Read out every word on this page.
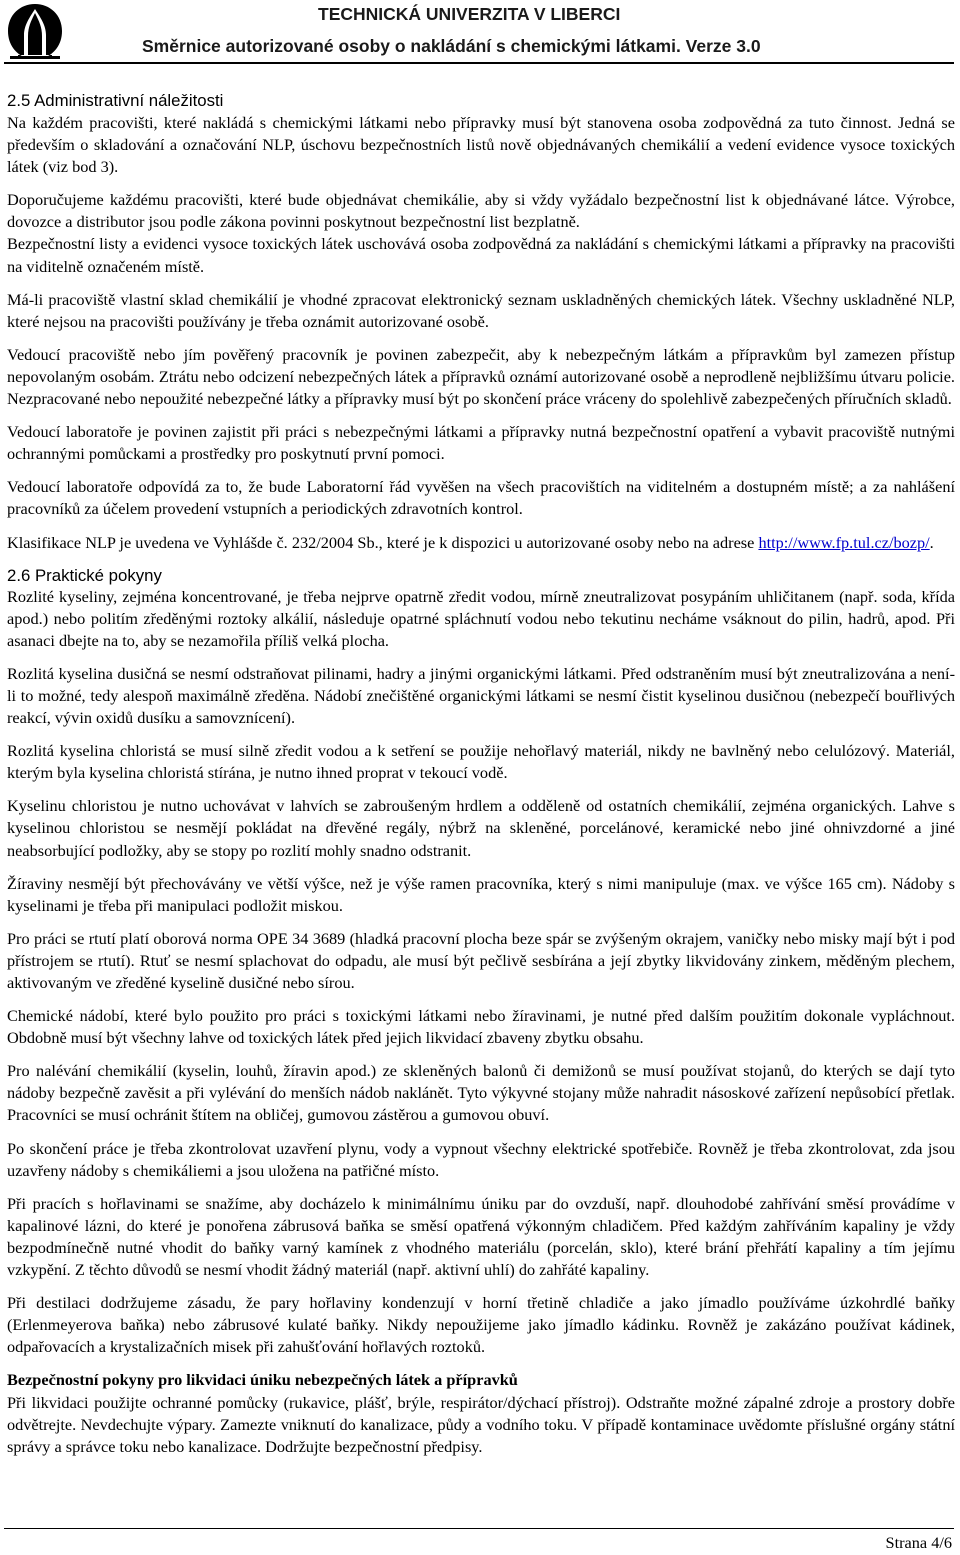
TECHNICKÁ UNIVERZITA V LIBERCI
Směrnice autorizované osoby o nakládání s chemickými látkami. Verze 3.0
2.5 Administrativní náležitosti

Na každém pracovišti, které nakládá s chemickými látkami nebo přípravky musí být stanovena osoba zodpovědná za tuto činnost. Jedná se především o skladování a označování NLP, úschovu bezpečnostních listů nově objednávaných chemikálií a vedení evidence vysoce toxických látek (viz bod 3).

Doporučujeme každému pracovišti, které bude objednávat chemikálie, aby si vždy vyžádalo bezpečnostní list k objednávané látce. Výrobce, dovozce a distributor jsou podle zákona povinni poskytnout bezpečnostní list bezplatně.

Bezpečnostní listy a evidenci vysoce toxických látek uschovává osoba zodpovědná za nakládání s chemickými látkami a přípravky na pracovišti na viditelně označeném místě.

Má-li pracoviště vlastní sklad chemikálií je vhodné zpracovat elektronický seznam uskladněných chemických látek. Všechny uskladněné NLP, které nejsou na pracovišti používány je třeba oznámit autorizované osobě.

Vedoucí pracoviště nebo jím pověřený pracovník je povinen zabezpečit, aby k nebezpečným látkám a přípravkům byl zamezen přístup nepovolaným osobám. Ztrátu nebo odcizení nebezpečných látek a přípravků oznámí autorizované osobě a neprodleně nejbližšímu útvaru policie. Nezpracované nebo nepoužité nebezpečné látky a přípravky musí být po skončení práce vráceny do spolehlivě zabezpečených příručních skladů.

Vedoucí laboratoře je povinen zajistit při práci s nebezpečnými látkami a přípravky nutná bezpečnostní opatření a vybavit pracoviště nutnými ochrannými pomůckami a prostředky pro poskytnutí první pomoci.

Vedoucí laboratoře odpovídá za to, že bude Laboratorní řád vyvěšen na všech pracovištích na viditelném a dostupném místě; a za nahlášení pracovníků za účelem provedení vstupních a periodických zdravotních kontrol.

Klasifikace NLP je uvedena ve Vyhlášde č. 232/2004 Sb., které je k dispozici u autorizované osoby nebo na adrese http://www.fp.tul.cz/bozp/.

2.6 Praktické pokyny

Rozlité kyseliny, zejména koncentrované, je třeba nejprve opatrně zředit vodou, mírně zneutralizovat posypáním uhličitanem (např. soda, křída apod.) nebo politím zředěnými roztoky alkálií, následuje opatrné spláchnutí vodou nebo tekutinu necháme vsáknout do pilin, hadrů, apod. Při asanaci dbejte na to, aby se nezamořila příliš velká plocha.

Rozlitá kyselina dusičná se nesmí odstraňovat pilinami, hadry a jinými organickými látkami. Před odstraněním musí být zneutralizována a není-li to možné, tedy alespoň maximálně zředěna. Nádobí znečištěné organickými látkami se nesmí čistit kyselinou dusičnou (nebezpečí bouřlivých reakcí, vývin oxidů dusíku a samovznícení).

Rozlitá kyselina chloristá se musí silně zředit vodou a k setření se použije nehořlavý materiál, nikdy ne bavlněný nebo celulózový. Materiál, kterým byla kyselina chloristá stírána, je nutno ihned proprat v tekoucí vodě.

Kyselinu chloristou je nutno uchovávat v lahvích se zabroušeným hrdlem a odděleně od ostatních chemikálií, zejména organických. Lahve s kyselinou chloristou se nesmějí pokládat na dřevěné regály, nýbrž na skleněné, porcelánové, keramické nebo jiné ohnivzdorné a jiné neabsorbující podložky, aby se stopy po rozlití mohly snadno odstranit.

Žíraviny nesmějí být přechovávány ve větší výšce, než je výše ramen pracovníka, který s nimi manipuluje (max. ve výšce 165 cm). Nádoby s kyselinami je třeba při manipulaci podložit miskou.

Pro práci se rtutí platí oborová norma OPE 34 3689 (hladká pracovní plocha beze spár se zvýšeným okrajem, vaničky nebo misky mají být i pod přístrojem se rtutí). Rtuť se nesmí splachovat do odpadu, ale musí být pečlivě sesbírána a její zbytky likvidovány zinkem, měděným plechem, aktivovaným ve zředěné kyselině dusičné nebo sírou.

Chemické nádobí, které bylo použito pro práci s toxickými látkami nebo žíravinami, je nutné před dalším použitím dokonale vypláchnout. Obdobně musí být všechny lahve od toxických látek před jejich likvidací zbaveny zbytku obsahu.

Pro nalévání chemikálií (kyselin, louhů, žíravin apod.) ze skleněných balonů či demižonů se musí používat stojanů, do kterých se dají tyto nádoby bezpečně zavěsit a při vylévání do menších nádob naklánět. Tyto výkyvné stojany může nahradit násoskové zařízení nepůsobící přetlak. Pracovníci se musí ochránit štítem na obličej, gumovou zástěrou a gumovou obuví.

Po skončení práce je třeba zkontrolovat uzavření plynu, vody a vypnout všechny elektrické spotřebiče. Rovněž je třeba zkontrolovat, zda jsou uzavřeny nádoby s chemikáliemi a jsou uložena na patřičné místo.

Při pracích s hořlavinami se snažíme, aby docházelo k minimálnímu úniku par do ovzduší, např. dlouhodobé zahřívání směsí provádíme v kapalinové lázni, do které je ponořena zábrusová baňka se směsí opatřená výkonným chladičem. Před každým zahříváním kapaliny je vždy bezpodmínečně nutné vhodit do baňky varný kamínek z vhodného materiálu (porcelán, sklo), které brání přehřátí kapaliny a tím jejímu vzkypění. Z těchto důvodů se nesmí vhodit žádný materiál (např. aktivní uhlí) do zahřáté kapaliny.

Při destilaci dodržujeme zásadu, že pary hořlaviny kondenzují v horní třetině chladiče a jako jímadlo používáme úzkohrdlé baňky (Erlenmeyerova baňka) nebo zábrusové kulaté baňky. Nikdy nepoužijeme jako jímadlo kádinku. Rovněž je zakázáno používat kádinek, odpařovacích a krystalizačních misek při zahušťování hořlavých roztoků.

Bezpečnostní pokyny pro likvidaci úniku nebezpečných látek a přípravků

Při likvidaci použijte ochranné pomůcky (rukavice, plášť, brýle, respirátor/dýchací přístroj). Odstraňte možné zápalné zdroje a prostory dobře odvětrejte. Nevdechujte výpary. Zamezte vniknutí do kanalizace, půdy a vodního toku. V případě kontaminace uvědomte příslušné orgány státní správy a správce toku nebo kanalizace. Dodržujte bezpečnostní předpisy.

Strana 4/6
